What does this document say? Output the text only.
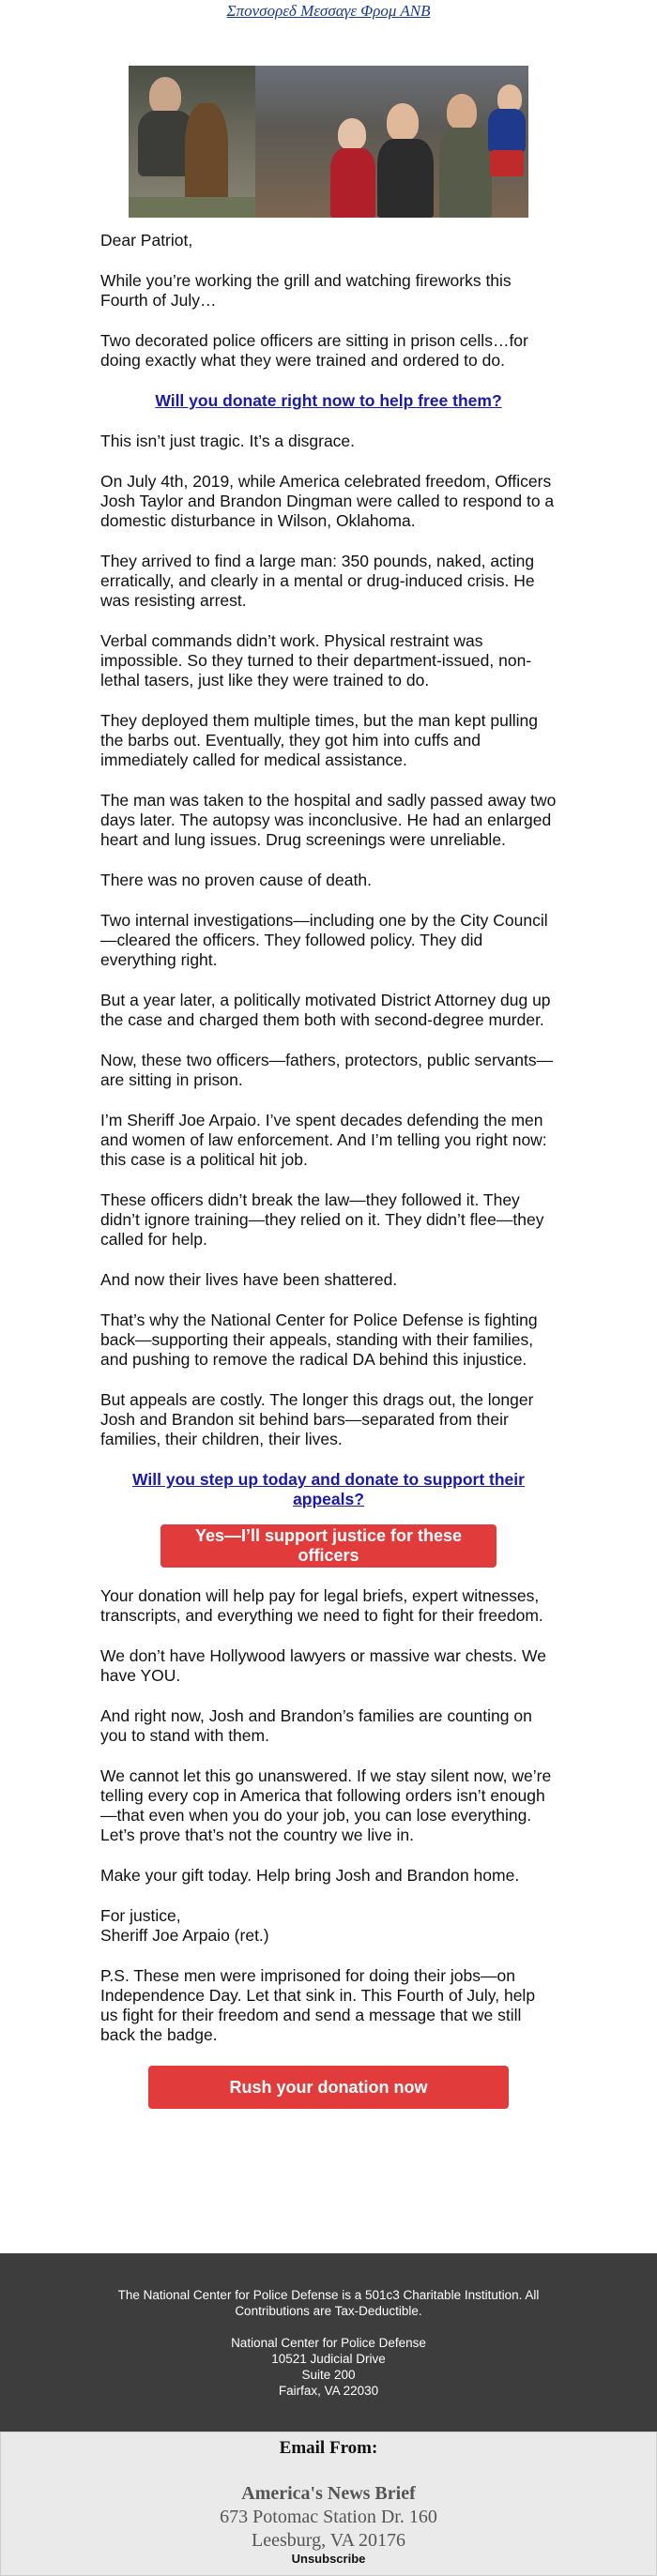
Σπονσορεδ Μεσσαγε Φρομ ΑΝΒ

Dear Patriot,

While you’re working the grill and watching fireworks this Fourth of July…

Two decorated police officers are sitting in prison cells…for doing exactly what they were trained and ordered to do.

Will you donate right now to help free them?

This isn’t just tragic. It’s a disgrace.

On July 4th, 2019, while America celebrated freedom, Officers Josh Taylor and Brandon Dingman were called to respond to a domestic disturbance in Wilson, Oklahoma.

They arrived to find a large man: 350 pounds, naked, acting erratically, and clearly in a mental or drug-induced crisis. He was resisting arrest.

Verbal commands didn’t work. Physical restraint was impossible. So they turned to their department-issued, non-lethal tasers, just like they were trained to do.

They deployed them multiple times, but the man kept pulling the barbs out. Eventually, they got him into cuffs and immediately called for medical assistance.

The man was taken to the hospital and sadly passed away two days later. The autopsy was inconclusive. He had an enlarged heart and lung issues. Drug screenings were unreliable.

There was no proven cause of death.

Two internal investigations—including one by the City Council—cleared the officers. They followed policy. They did everything right.

But a year later, a politically motivated District Attorney dug up the case and charged them both with second-degree murder.

Now, these two officers—fathers, protectors, public servants—are sitting in prison.

I’m Sheriff Joe Arpaio. I’ve spent decades defending the men and women of law enforcement. And I’m telling you right now: this case is a political hit job.

These officers didn’t break the law—they followed it. They didn’t ignore training—they relied on it. They didn’t flee—they called for help.

And now their lives have been shattered.

That’s why the National Center for Police Defense is fighting back—supporting their appeals, standing with their families, and pushing to remove the radical DA behind this injustice.

But appeals are costly. The longer this drags out, the longer Josh and Brandon sit behind bars—separated from their families, their children, their lives.

Will you step up today and donate to support their appeals?
Yes—I’ll support justice for these officers

Your donation will help pay for legal briefs, expert witnesses, transcripts, and everything we need to fight for their freedom.

We don’t have Hollywood lawyers or massive war chests. We have YOU.

And right now, Josh and Brandon’s families are counting on you to stand with them.

We cannot let this go unanswered. If we stay silent now, we’re telling every cop in America that following orders isn’t enough—that even when you do your job, you can lose everything.

Let’s prove that’s not the country we live in.

Make your gift today. Help bring Josh and Brandon home.

For justice,

Sheriff Joe Arpaio (ret.)

P.S. These men were imprisoned for doing their jobs—on Independence Day. Let that sink in. This Fourth of July, help us fight for their freedom and send a message that we still back the badge.

Rush your donation now
The National Center for Police Defense is a 501c3 Charitable Institution. All Contributions are Tax-Deductible.
National Center for Police Defense
10521 Judicial Drive
Suite 200
Fairfax, VA 22030
Email From:
America's News Brief
673 Potomac Station Dr. 160
Leesburg, VA 20176
Unsubscribe
